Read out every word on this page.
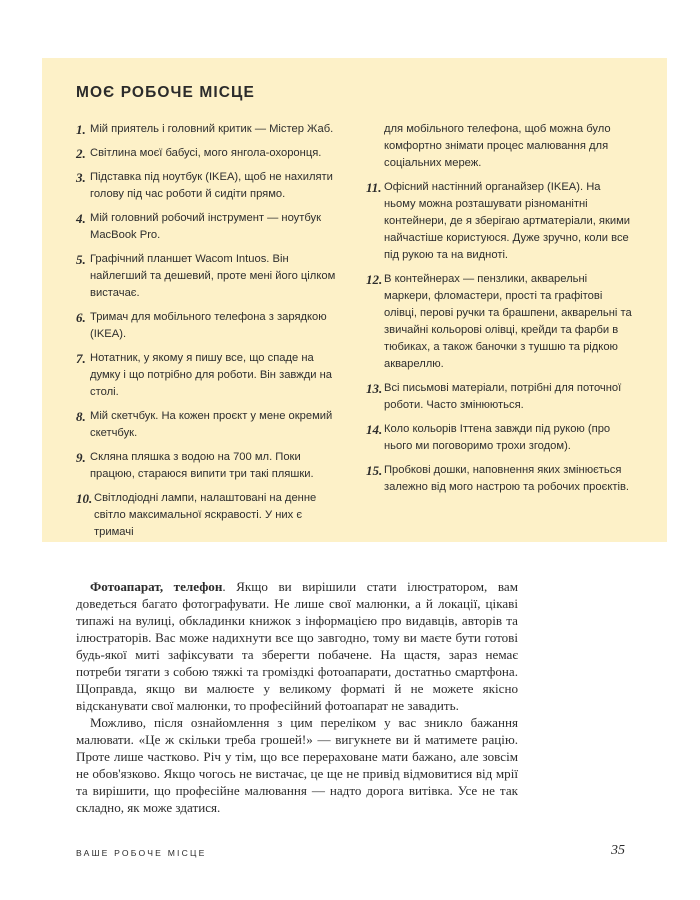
МОЄ РОБОЧЕ МІСЦЕ
1. Мій приятель і головний критик — Містер Жаб.
2. Світлина моєї бабусі, мого янгола-охоронця.
3. Підставка під ноутбук (IKEA), щоб не нахиляти голову під час роботи й сидіти прямо.
4. Мій головний робочий інструмент — ноутбук MacBook Pro.
5. Графічний планшет Wacom Intuos. Він найлегший та дешевий, проте мені його цілком вистачає.
6. Тримач для мобільного телефона з зарядкою (IKEA).
7. Нотатник, у якому я пишу все, що спаде на думку і що потрібно для роботи. Він завжди на столі.
8. Мій скетчбук. На кожен проєкт у мене окремий скетчбук.
9. Скляна пляшка з водою на 700 мл. Поки працюю, стараюся випити три такі пляшки.
10. Світлодіодні лампи, налаштовані на денне світло максимальної яскравості. У них є тримачі
для мобільного телефона, щоб можна було комфортно знімати процес малювання для соціальних мереж.
11. Офісний настінний органайзер (IKEA). На ньому можна розташувати різноманітні контейнери, де я зберігаю артматеріали, якими найчастіше користуюся. Дуже зручно, коли все під рукою та на видноті.
12. В контейнерах — пензлики, акварельні маркери, фломастери, прості та графітові олівці, перові ручки та брашпени, акварельні та звичайні кольорові олівці, крейди та фарби в тюбиках, а також баночки з тушшю та рідкою аквареллю.
13. Всі письмові матеріали, потрібні для поточної роботи. Часто змінюються.
14. Коло кольорів Іттена завжди під рукою (про нього ми поговоримо трохи згодом).
15. Пробкові дошки, наповнення яких змінюється залежно від мого настрою та робочих проєктів.

Фотоапарат, телефон. Якщо ви вирішили стати ілюстратором, вам доведеться багато фотографувати. Не лише свої малюнки, а й локації, цікаві типажі на вулиці, обкладинки книжок з інформацією про видавців, авторів та ілюстраторів. Вас може надихнути все що завгодно, тому ви маєте бути готові будь-якої миті зафіксувати та зберегти побачене. На щастя, зараз немає потреби тягати з собою тяжкі та громіздкі фотоапарати, достатньо смартфона. Щоправда, якщо ви малюєте у великому форматі й не можете якісно відсканувати свої малюнки, то професійний фотоапарат не завадить.

Можливо, після ознайомлення з цим переліком у вас зникло бажання малювати. «Це ж скільки треба грошей!» — вигукнете ви й матимете рацію. Проте лише частково. Річ у тім, що все перераховане мати бажано, але зовсім не обов'язково. Якщо чогось не вистачає, це ще не привід відмовитися від мрії та вирішити, що професійне малювання — надто дорога витівка. Усе не так складно, як може здатися.

ВАШЕ РОБОЧЕ МІСЦЕ	35
